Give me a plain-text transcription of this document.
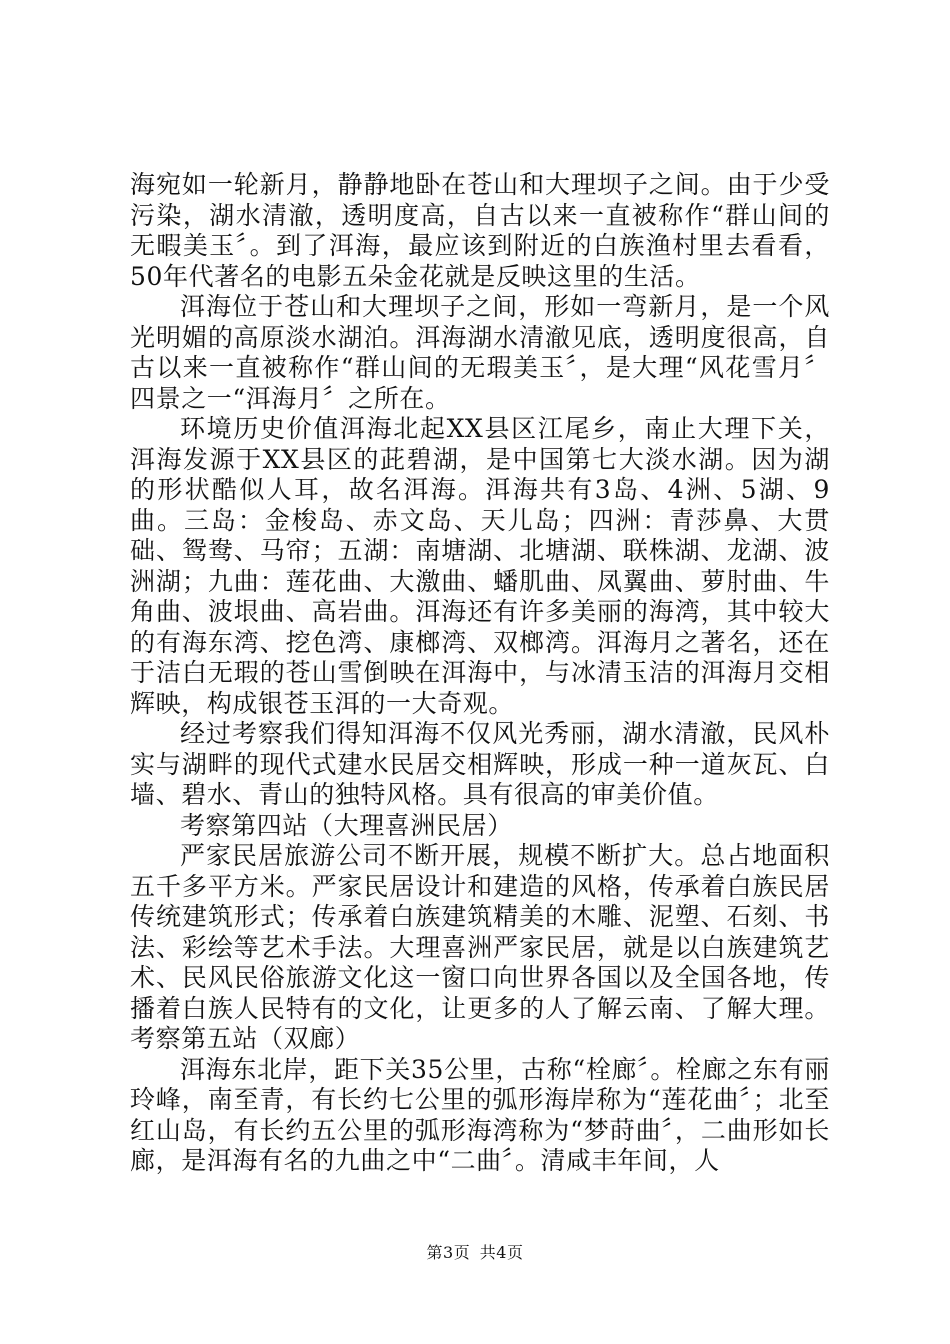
海宛如一轮新月，静静地卧在苍山和大理坝子之间。由于少受污染，湖水清澈，透明度高，自古以来一直被称作“群山间的无暇美玉〞。到了洱海，最应该到附近的白族渔村里去看看，50年代著名的电影五朵金花就是反映这里的生活。

洱海位于苍山和大理坝子之间，形如一弯新月，是一个风光明媚的高原淡水湖泊。洱海湖水清澈见底，透明度很高，自古以来一直被称作“群山间的无瑕美玉〞，是大理“风花雪月〞四景之一“洱海月〞之所在。

环境历史价值洱海北起XX县区江尾乡，南止大理下关，洱海发源于XX县区的茈碧湖，是中国第七大淡水湖。因为湖的形状酷似人耳，故名洱海。洱海共有3岛、4洲、5湖、9曲。三岛：金梭岛、赤文岛、天儿岛；四洲：青莎鼻、大贯础、鸳鸯、马帘；五湖：南塘湖、北塘湖、联株湖、龙湖、波洲湖；九曲：莲花曲、大激曲、蟠肌曲、凤翼曲、萝肘曲、牛角曲、波垠曲、高岩曲。洱海还有许多美丽的海湾，其中较大的有海东湾、挖色湾、康榔湾、双榔湾。洱海月之著名，还在于洁白无瑕的苍山雪倒映在洱海中，与冰清玉洁的洱海月交相辉映，构成银苍玉洱的一大奇观。

经过考察我们得知洱海不仅风光秀丽，湖水清澈，民风朴实与湖畔的现代式建水民居交相辉映，形成一种一道灰瓦、白墙、碧水、青山的独特风格。具有很高的审美价值。

考察第四站（大理喜洲民居）

严家民居旅游公司不断开展，规模不断扩大。总占地面积五千多平方米。严家民居设计和建造的风格，传承着白族民居传统建筑形式；传承着白族建筑精美的木雕、泥塑、石刻、书法、彩绘等艺术手法。大理喜洲严家民居，就是以白族建筑艺术、民风民俗旅游文化这一窗口向世界各国以及全国各地，传播着白族人民特有的文化，让更多的人了解云南、了解大理。考察第五站（双廊）

洱海东北岸，距下关35公里，古称“栓廊〞。栓廊之东有丽玲峰，南至青，有长约七公里的弧形海岸称为“莲花曲〞；北至红山岛，有长约五公里的弧形海湾称为“梦莳曲〞，二曲形如长廊，是洱海有名的九曲之中“二曲〞。清咸丰年间，人

第3页 共4页
